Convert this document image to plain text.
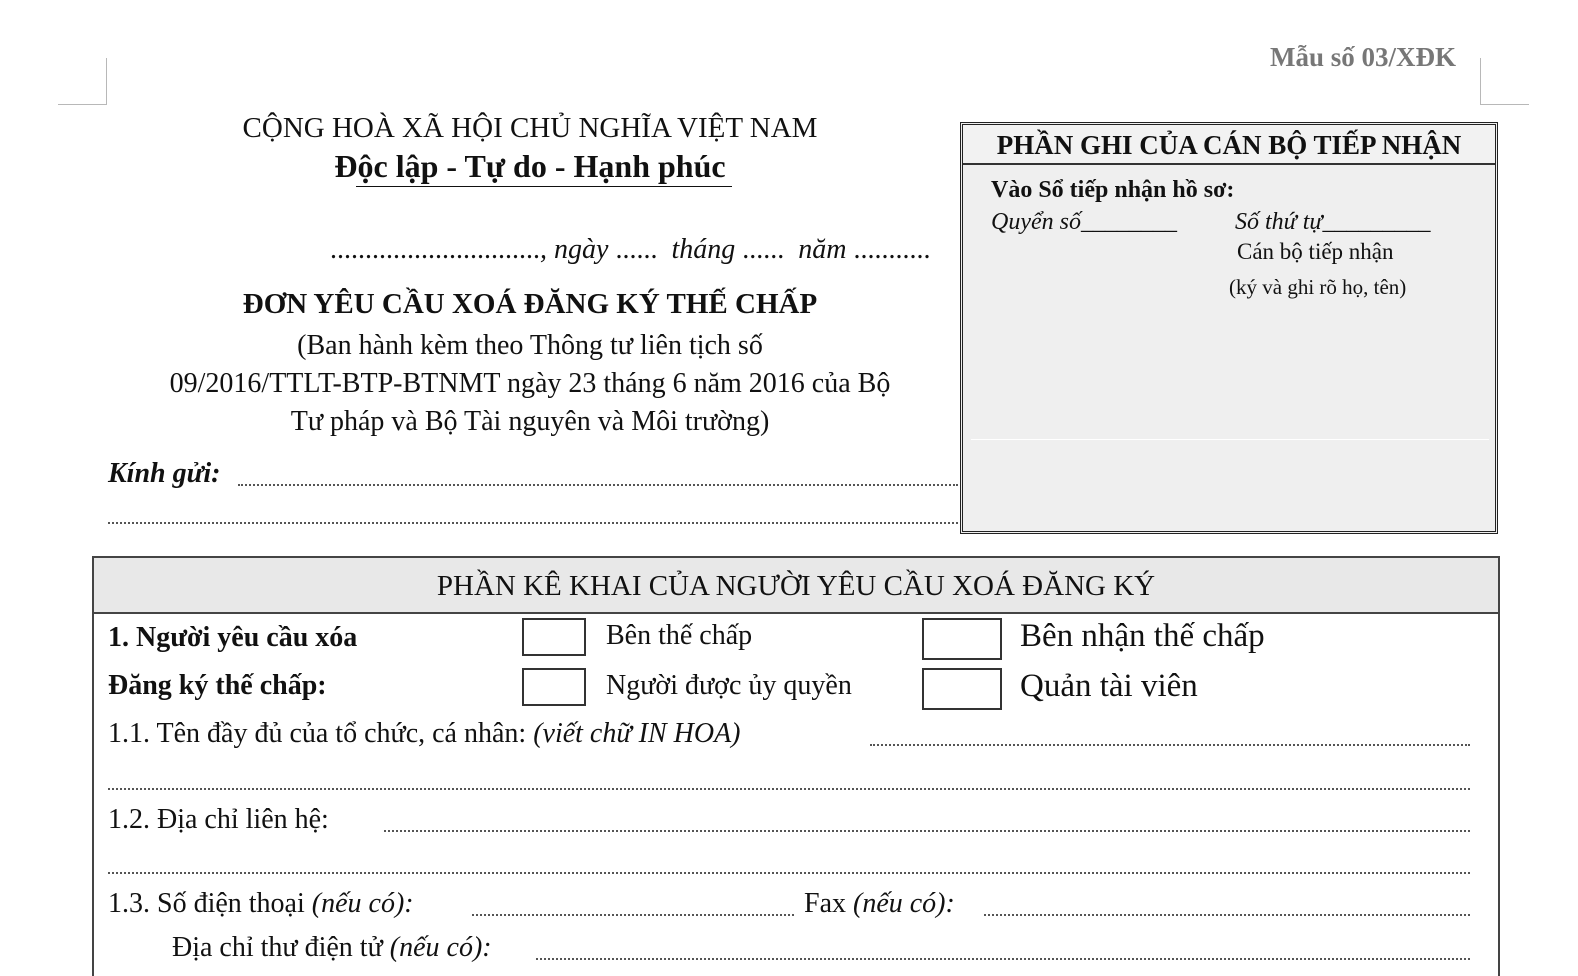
Mẫu số 03/XĐK
CỘNG HOÀ XÃ HỘI CHỦ NGHĨA VIỆT NAM
Độc lập - Tự do - Hạnh phúc
.............................., ngày ...... tháng ...... năm ...........
ĐƠN YÊU CẦU XOÁ ĐĂNG KÝ THẾ CHẤP
(Ban hành kèm theo Thông tư liên tịch số
09/2016/TTLT-BTP-BTNMT ngày 23 tháng 6 năm 2016 của Bộ
Tư pháp và Bộ Tài nguyên và Môi trường)
Kính gửi:
PHẦN GHI CỦA CÁN BỘ TIẾP NHẬN
Vào Sổ tiếp nhận hồ sơ:
Quyển số________ Số thứ tự_________
Cán bộ tiếp nhận
(ký và ghi rõ họ, tên)
PHẦN KÊ KHAI CỦA NGƯỜI YÊU CẦU XOÁ ĐĂNG KÝ
1. Người yêu cầu xóa
Đăng ký thế chấp:
Bên thế chấp	Bên nhận thế chấp
Người được ủy quyền	Quản tài viên
1.1. Tên đầy đủ của tổ chức, cá nhân: (viết chữ IN HOA)
1.2. Địa chỉ liên hệ:
1.3. Số điện thoại (nếu có):	Fax (nếu có):
Địa chỉ thư điện tử (nếu có):
